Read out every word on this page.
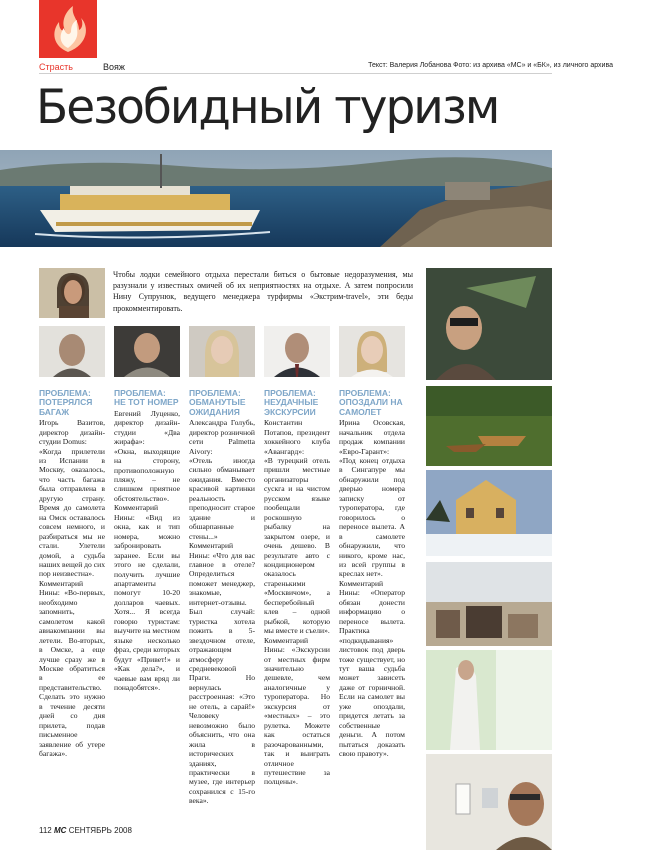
Страсть	Вояж	Текст: Валерия Лобанова Фото: из архива «МС» и «БК», из личного архива
Безобидный туризм

Чтобы лодки семейного отдыха перестали биться о бытовые недоразумения, мы разузнали у известных омичей об их неприятностях на отдыхе. А затем попросили Нину Супрунюк, ведущего менеджера турфирмы «Экстрим-travel», эти беды прокомментировать.

ПРОБЛЕМА: ПОТЕРЯЛСЯ БАГАЖ
Игорь Вазитов, директор дизайн-студии Domus:
«Когда прилетели из Испании в Москву, оказалось, что часть багажа была отправлена в другую страну. Время до самолета на Омск оставалось совсем немного, и разбираться мы не стали. Улетели домой, а судьба наших вещей до сих пор неизвестна».
Комментарий Нины: «Во-первых, необходимо запомнить, самолетом какой авиакомпании вы летели. Во-вторых, в Омске, а еще лучше сразу же в Москве обратиться в ее представительство. Сделать это нужно в течение десяти дней со дня прилета, подав письменное заявление об утере багажа».
ПРОБЛЕМА: НЕ ТОТ НОМЕР
Евгений Луценко, директор дизайн-студии «Два жирафа»:
«Окна, выходящие на сторону, противоположную пляжу, – не слишком приятное обстоятельство».
Комментарий Нины: «Вид из окна, как и тип номера, можно забронировать заранее. Если вы этого не сделали, получить лучшие апартаменты помогут 10-20 долларов чаевых. Хотя... Я всегда говорю туристам: выучите на местном языке несколько фраз, среди которых будут «Привет!» и «Как дела?», и чаевые вам вряд ли понадобятся».
ПРОБЛЕМА: ОБМАНУТЫЕ ОЖИДАНИЯ
Александра Голубь, директор розничной сети Palmetta Aivory:
«Отель иногда сильно обманывает ожидания. Вместо красивой картинки реальность преподносит старое здание и обшарпанные стены...»
Комментарий Нины: «Что для вас главное в отеле? Определиться поможет менеджер, знакомые, интернет-отзывы. Был случай: туристка хотела пожить в 5-звездочном отеле, отражающем атмосферу средневековой Праги. Но вернулась расстроенная: «Это не отель, а сарай!» Человеку невозможно было объяснить, что она жила в исторических зданиях, практически в музее, где интерьер сохранился с 15-го века».
ПРОБЛЕМА: НЕУДАЧНЫЕ ЭКСКУРСИИ
Константин Потапов, президент хоккейного клуба «Авангард»:
«В турецкий отель пришли местные организаторы сускга и на чистом русском языке пообещали роскошную рыбалку на закрытом озере, и очень дешево. В результате авто с кондиционером оказалось старенькими «Москвичом», а бесперебойный клев – одной рыбкой, которую мы вместе и съели».
Комментарий Нины: «Экскурсии от местных фирм значительно дешевле, чем аналогичные у туроператора. Но экскурсия от «местных» – это рулетка. Можете как остаться разочарованными, так и выиграть отличное путешествие за полцены».
ПРОБЛЕМА: ОПОЗДАЛИ НА САМОЛЕТ
Ирина Осовская, начальник отдела продаж компании «Евро-Гарант»:
«Под конец отдыха в Сингапуре мы обнаружили под дверью номера записку от туроператора, где говорилось о переносе вылета. А в самолете обнаружили, что никого, кроме нас, из всей группы в креслах нет».
Комментарий Нины: «Оператор обязан донести информацию о переносе вылета. Практика «подкидывания» листовок под дверь тоже существует, но тут ваша судьба может зависеть даже от горничной. Если на самолет вы уже опоздали, придется летать за собственные деньги. А потом пытаться доказать свою правоту».
112 МС СЕНТЯБРЬ 2008
